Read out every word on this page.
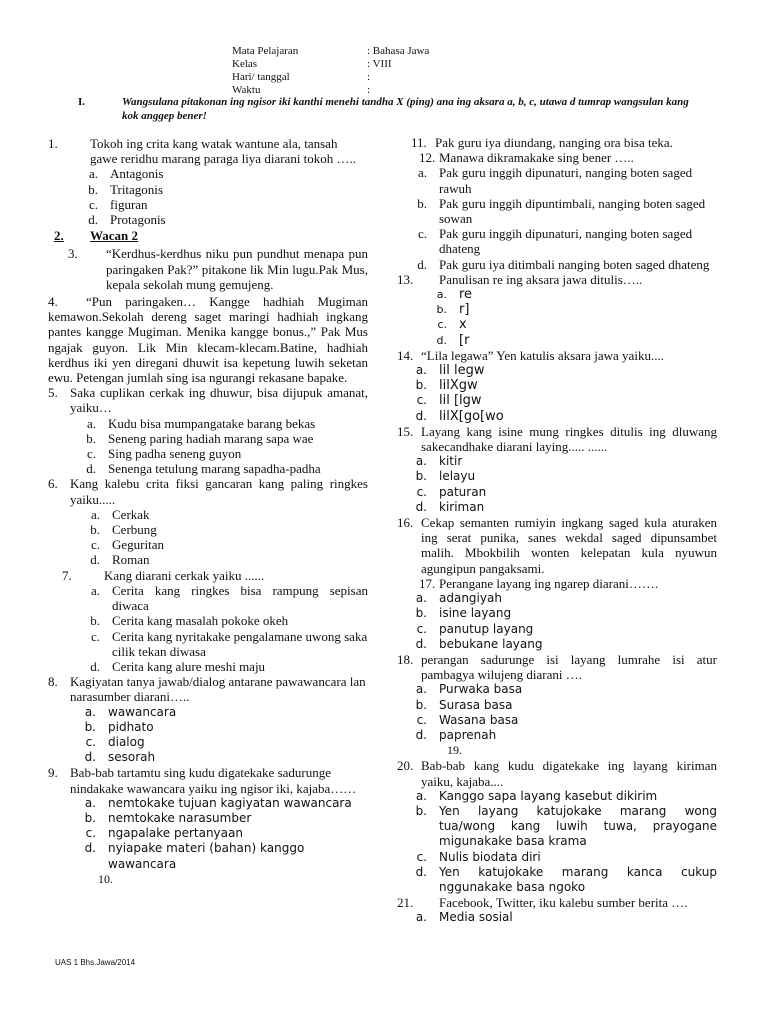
Mata Pelajaran	: Bahasa Jawa
Kelas	: VIII
Hari/ tanggal	:
Waktu	:
I.	Wangsulana pitakonan ing ngisor iki kanthi menehi tandha X (ping) ana ing aksara a, b, c, utawa d tumrap wangsulan kang kok anggep bener!
1.	Tokoh ing crita kang watak wantune ala, tansah gawe reridhu marang paraga liya diarani tokoh …..
a. Antagonis
b. Tritagonis
c. figuran
d. Protagonis
2.	Wacan 2
3.	“Kerdhus-kerdhus niku pun pundhut menapa pun paringaken Pak?” pitakone lik Min lugu.Pak Mus, kepala sekolah mung gemujeng.
4. “Pun paringaken… Kangge hadhiah Mugiman kemawon.Sekolah dereng saget maringi hadhiah ingkang pantes kangge Mugiman. Menika kangge bonus.,” Pak Mus ngajak guyon. Lik Min klecam-klecam.Batine, hadhiah kerdhus iki yen diregani dhuwit isa kepetung luwih seketan ewu. Petengan jumlah sing isa ngurangi rekasane bapake.
5. Saka cuplikan cerkak ing dhuwur, bisa dijupuk amanat, yaiku…
a. Kudu bisa mumpangatake barang bekas
b. Seneng paring hadiah marang sapa wae
c. Sing padha seneng guyon
d. Senenga tetulung marang sapadha-padha
6. Kang kalebu crita fiksi gancaran kang paling ringkes yaiku.....
a. Cerkak
b. Cerbung
c. Geguritan
d. Roman
7.	Kang diarani cerkak yaiku ......
a. Cerita kang ringkes bisa rampung sepisan diwaca
b. Cerita kang masalah pokoke okeh
c. Cerita kang nyritakake pengalamane uwong saka cilik tekan diwasa
d. Cerita kang alure meshi maju
8. Kagiyatan tanya jawab/dialog antarane pawawancara lan narasumber diarani…..
a.	wawancara
b.	pidhato
c.	dialog
d.	sesorah
9. Bab-bab tartamtu sing kudu digatekake sadurunge nindakake wawancara yaiku ing ngisor iki, kajaba……
a.	nemtokake tujuan kagiyatan wawancara
b.	nemtokake narasumber
c.	ngapalake pertanyaan
d.	nyiapake materi (bahan) kanggo wawancara
10.
11. Pak guru iya diundang, nanging ora bisa teka.
12. Manawa dikramakake sing bener …..
a. Pak guru inggih dipunaturi, nanging boten saged rawuh
b. Pak guru inggih dipuntimbali, nanging boten saged sowan
c. Pak guru inggih dipunaturi, nanging boten saged dhateng
d. Pak guru iya ditimbali nanging boten saged dhateng
13.	Panulisan re ing aksara jawa ditulis…..
a. re
b. r]
c. x
d. [r
14. “Lila legawa” Yen katulis aksara jawa yaiku....
a. lil legw
b. lilXgw
c. lil [lgw
d. lilX[go[wo
15. Layang kang isine mung ringkes ditulis ing dluwang sakecandhake diarani laying..... ......
a.	kitir
b.	lelayu
c.	paturan
d.	kiriman
16. Cekap semanten rumiyin ingkang saged kula aturaken ing serat punika, sanes wekdal saged dipunsambet malih. Mbokbilih wonten kelepatan kula nyuwun agungipun pangaksami.
17. Perangane layang ing ngarep diarani…….
a.	adangiyah
b.	isine layang
c.	panutup layang
d.	bebukane layang
18. perangan sadurunge isi layang lumrahe isi atur pambagya wilujeng diarani ….
a.	Purwaka basa
b.	Surasa basa
c.	Wasana basa
d.	paprenah
19.
20. Bab-bab kang kudu digatekake ing layang kiriman yaiku, kajaba....
a.	Kanggo sapa layang kasebut dikirim
b.	Yen layang katujokake marang wong tua/wong kang luwih tuwa, prayogane migunakake basa krama
c.	Nulis biodata diri
d.	Yen katujokake marang kanca cukup nggunakake basa ngoko
21.	Facebook, Twitter, iku kalebu sumber berita ….
a.	Media sosial
UAS 1 Bhs.Jawa/2014
